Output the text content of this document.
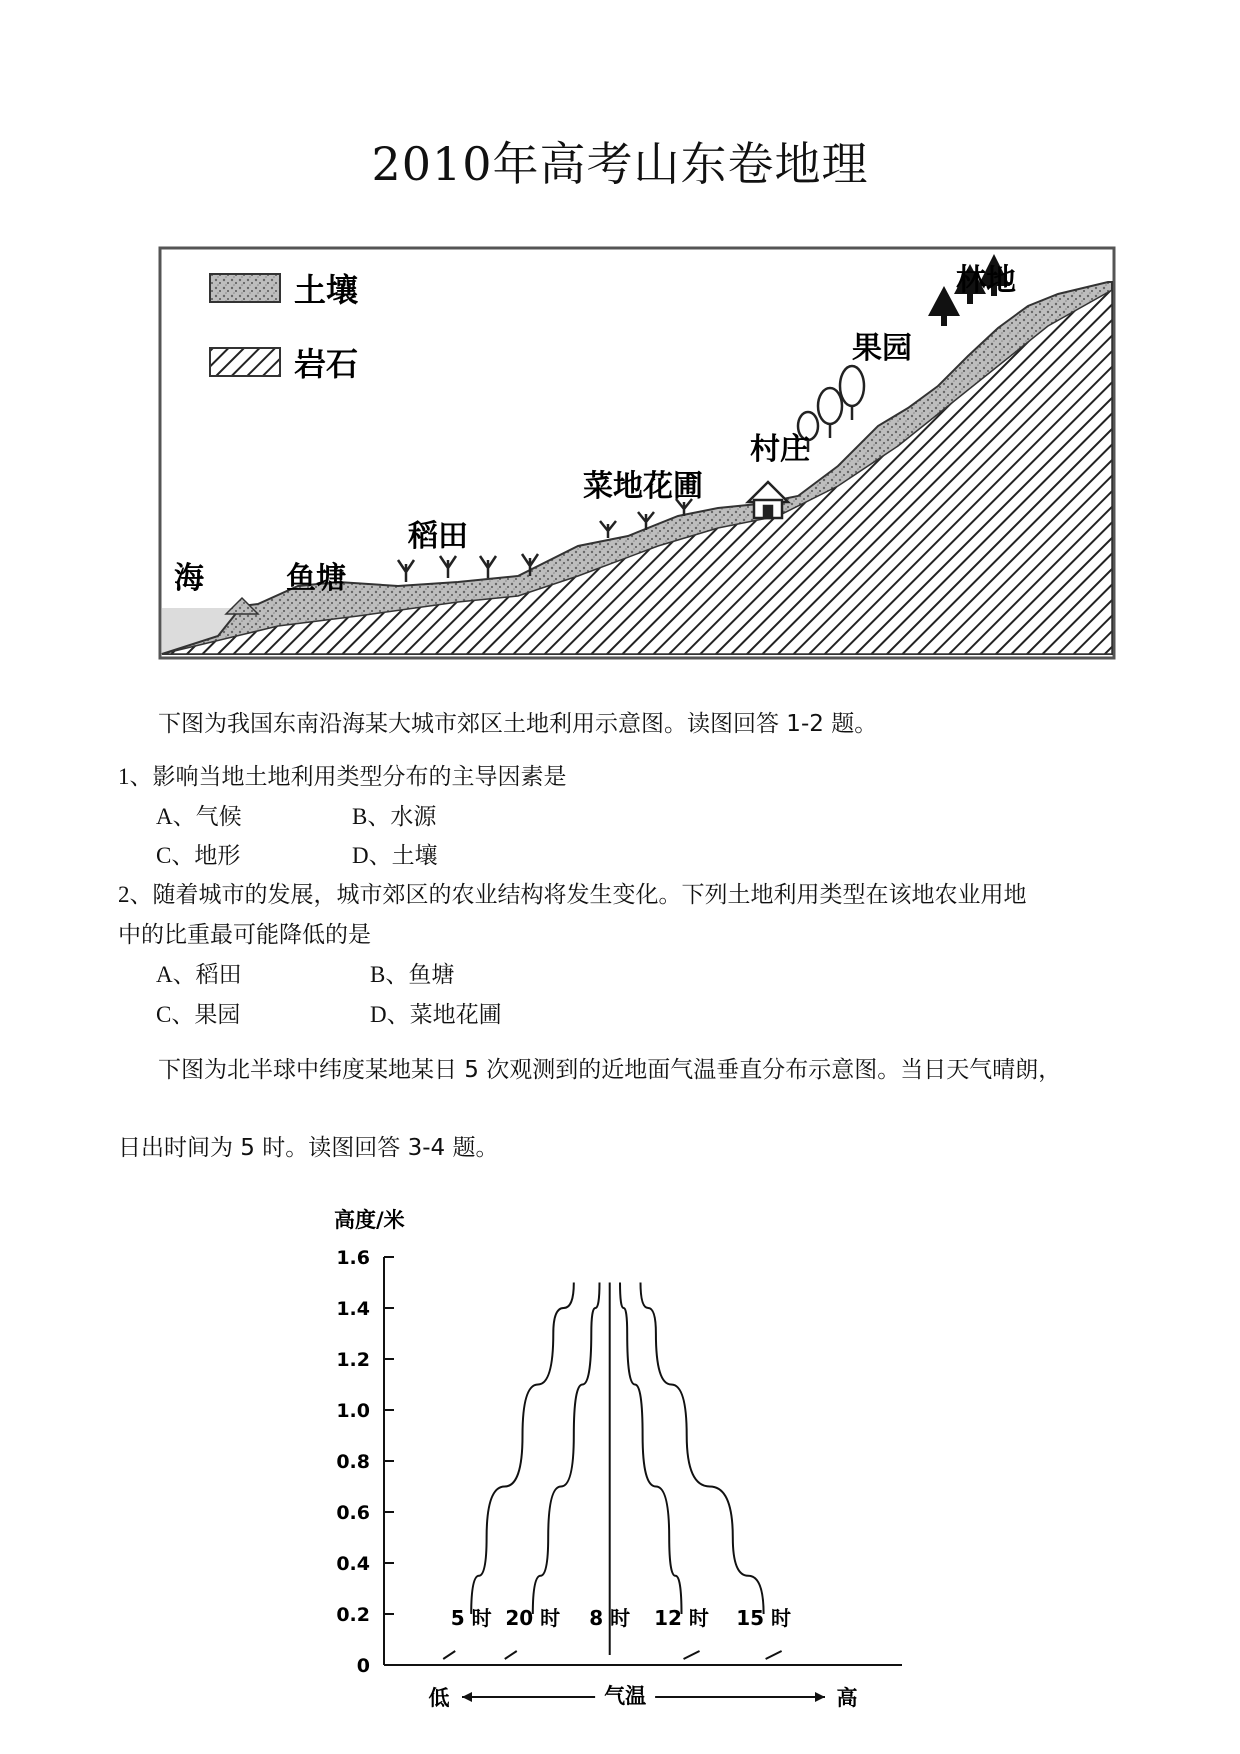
2010年高考山东卷地理
土壤
岩石
海	鱼塘
稻田
菜地花圃
村庄
果园
林地
下图为我国东南沿海某大城市郊区土地利用示意图。读图回答 1-2 题。
1、影响当地土地利用类型分布的主导因素是
A、气候	B、水源
C、地形	D、土壤
2、随着城市的发展，城市郊区的农业结构将发生变化。下列土地利用类型在该地农业用地
中的比重最可能降低的是
A、稻田	B、鱼塘
C、果园	D、菜地花圃
下图为北半球中纬度某地某日 5 次观测到的近地面气温垂直分布示意图。当日天气晴朗，
日出时间为 5 时。读图回答 3-4 题。
0
0.2
0.4
0.6
0.8
1.0
1.2
1.4
1.6
高度/米
5 时 20 时 8 时 12 时 15 时
低	气温	高
